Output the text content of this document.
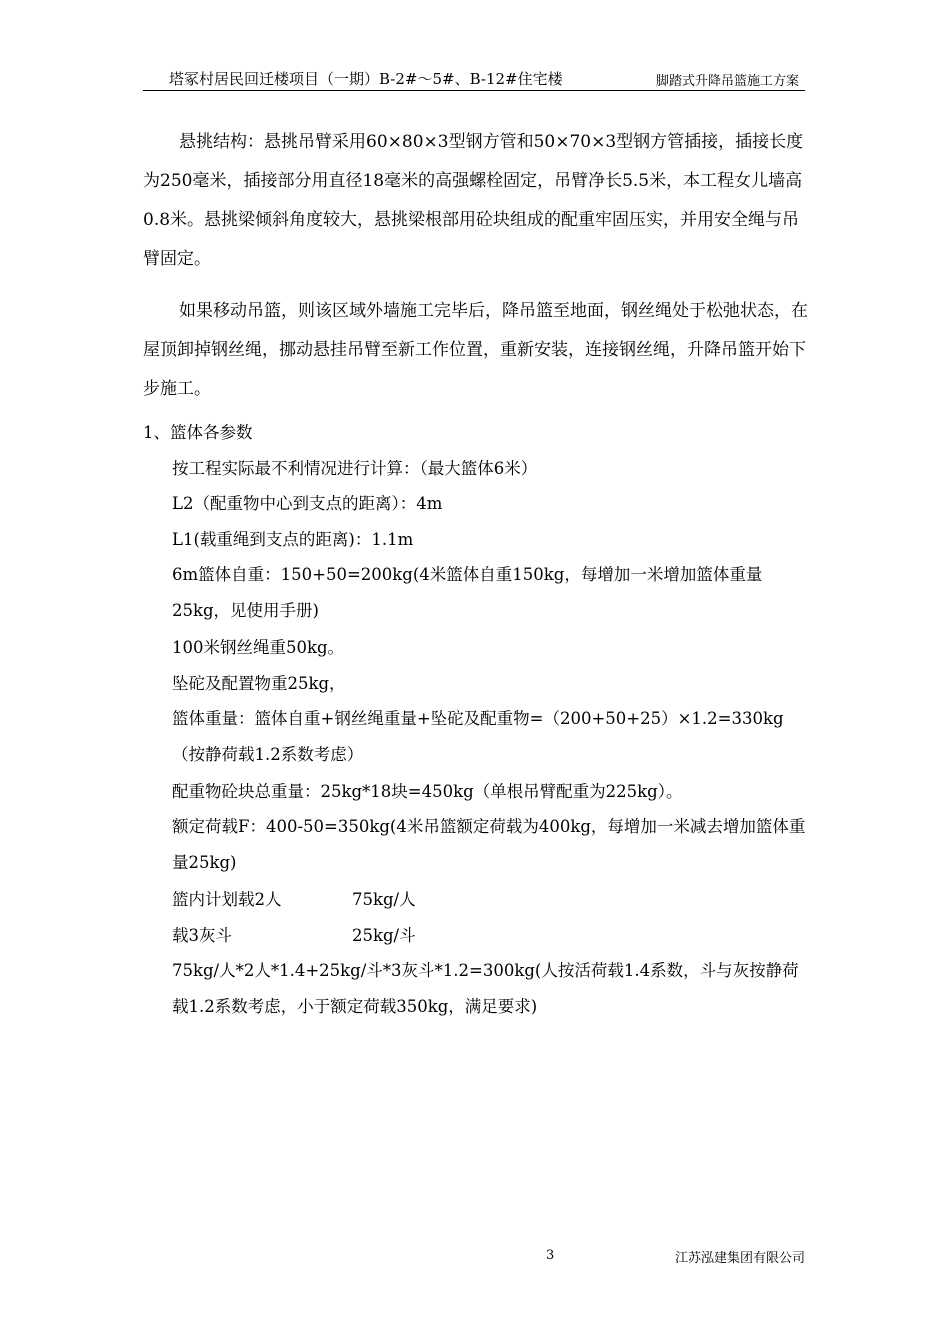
塔冢村居民回迁楼项目（一期）B-2#～5#、B-12#住宅楼	脚踏式升降吊篮施工方案

悬挑结构：悬挑吊臂采用60×80×3型钢方管和50×70×3型钢方管插接，插接长度为250毫米，插接部分用直径18毫米的高强螺栓固定，吊臂净长5.5米，本工程女儿墙高0.8米。悬挑梁倾斜角度较大，悬挑梁根部用砼块组成的配重牢固压实，并用安全绳与吊臂固定。

如果移动吊篮，则该区域外墙施工完毕后，降吊篮至地面，钢丝绳处于松弛状态，在屋顶卸掉钢丝绳，挪动悬挂吊臂至新工作位置，重新安装，连接钢丝绳，升降吊篮开始下步施工。

1、篮体各参数
按工程实际最不利情况进行计算：（最大篮体6米）
L2（配重物中心到支点的距离）：4m
L1(载重绳到支点的距离)：1.1m

6m篮体自重：150+50=200kg(4米篮体自重150kg，每增加一米增加篮体重量25kg，见使用手册)

100米钢丝绳重50kg。
坠砣及配置物重25kg，

篮体重量：篮体自重+钢丝绳重量+坠砣及配重物=（200+50+25）×1.2=330kg（按静荷载1.2系数考虑）

配重物砼块总重量：25kg*18块=450kg（单根吊臂配重为225kg）。

额定荷载F：400-50=350kg(4米吊篮额定荷载为400kg，每增加一米减去增加篮体重量25kg)

篮内计划载2人	75kg/人
载3灰斗	25kg/斗

75kg/人*2人*1.4+25kg/斗*3灰斗*1.2=300kg(人按活荷载1.4系数，斗与灰按静荷载1.2系数考虑，小于额定荷载350kg，满足要求)

3	江苏泓建集团有限公司
